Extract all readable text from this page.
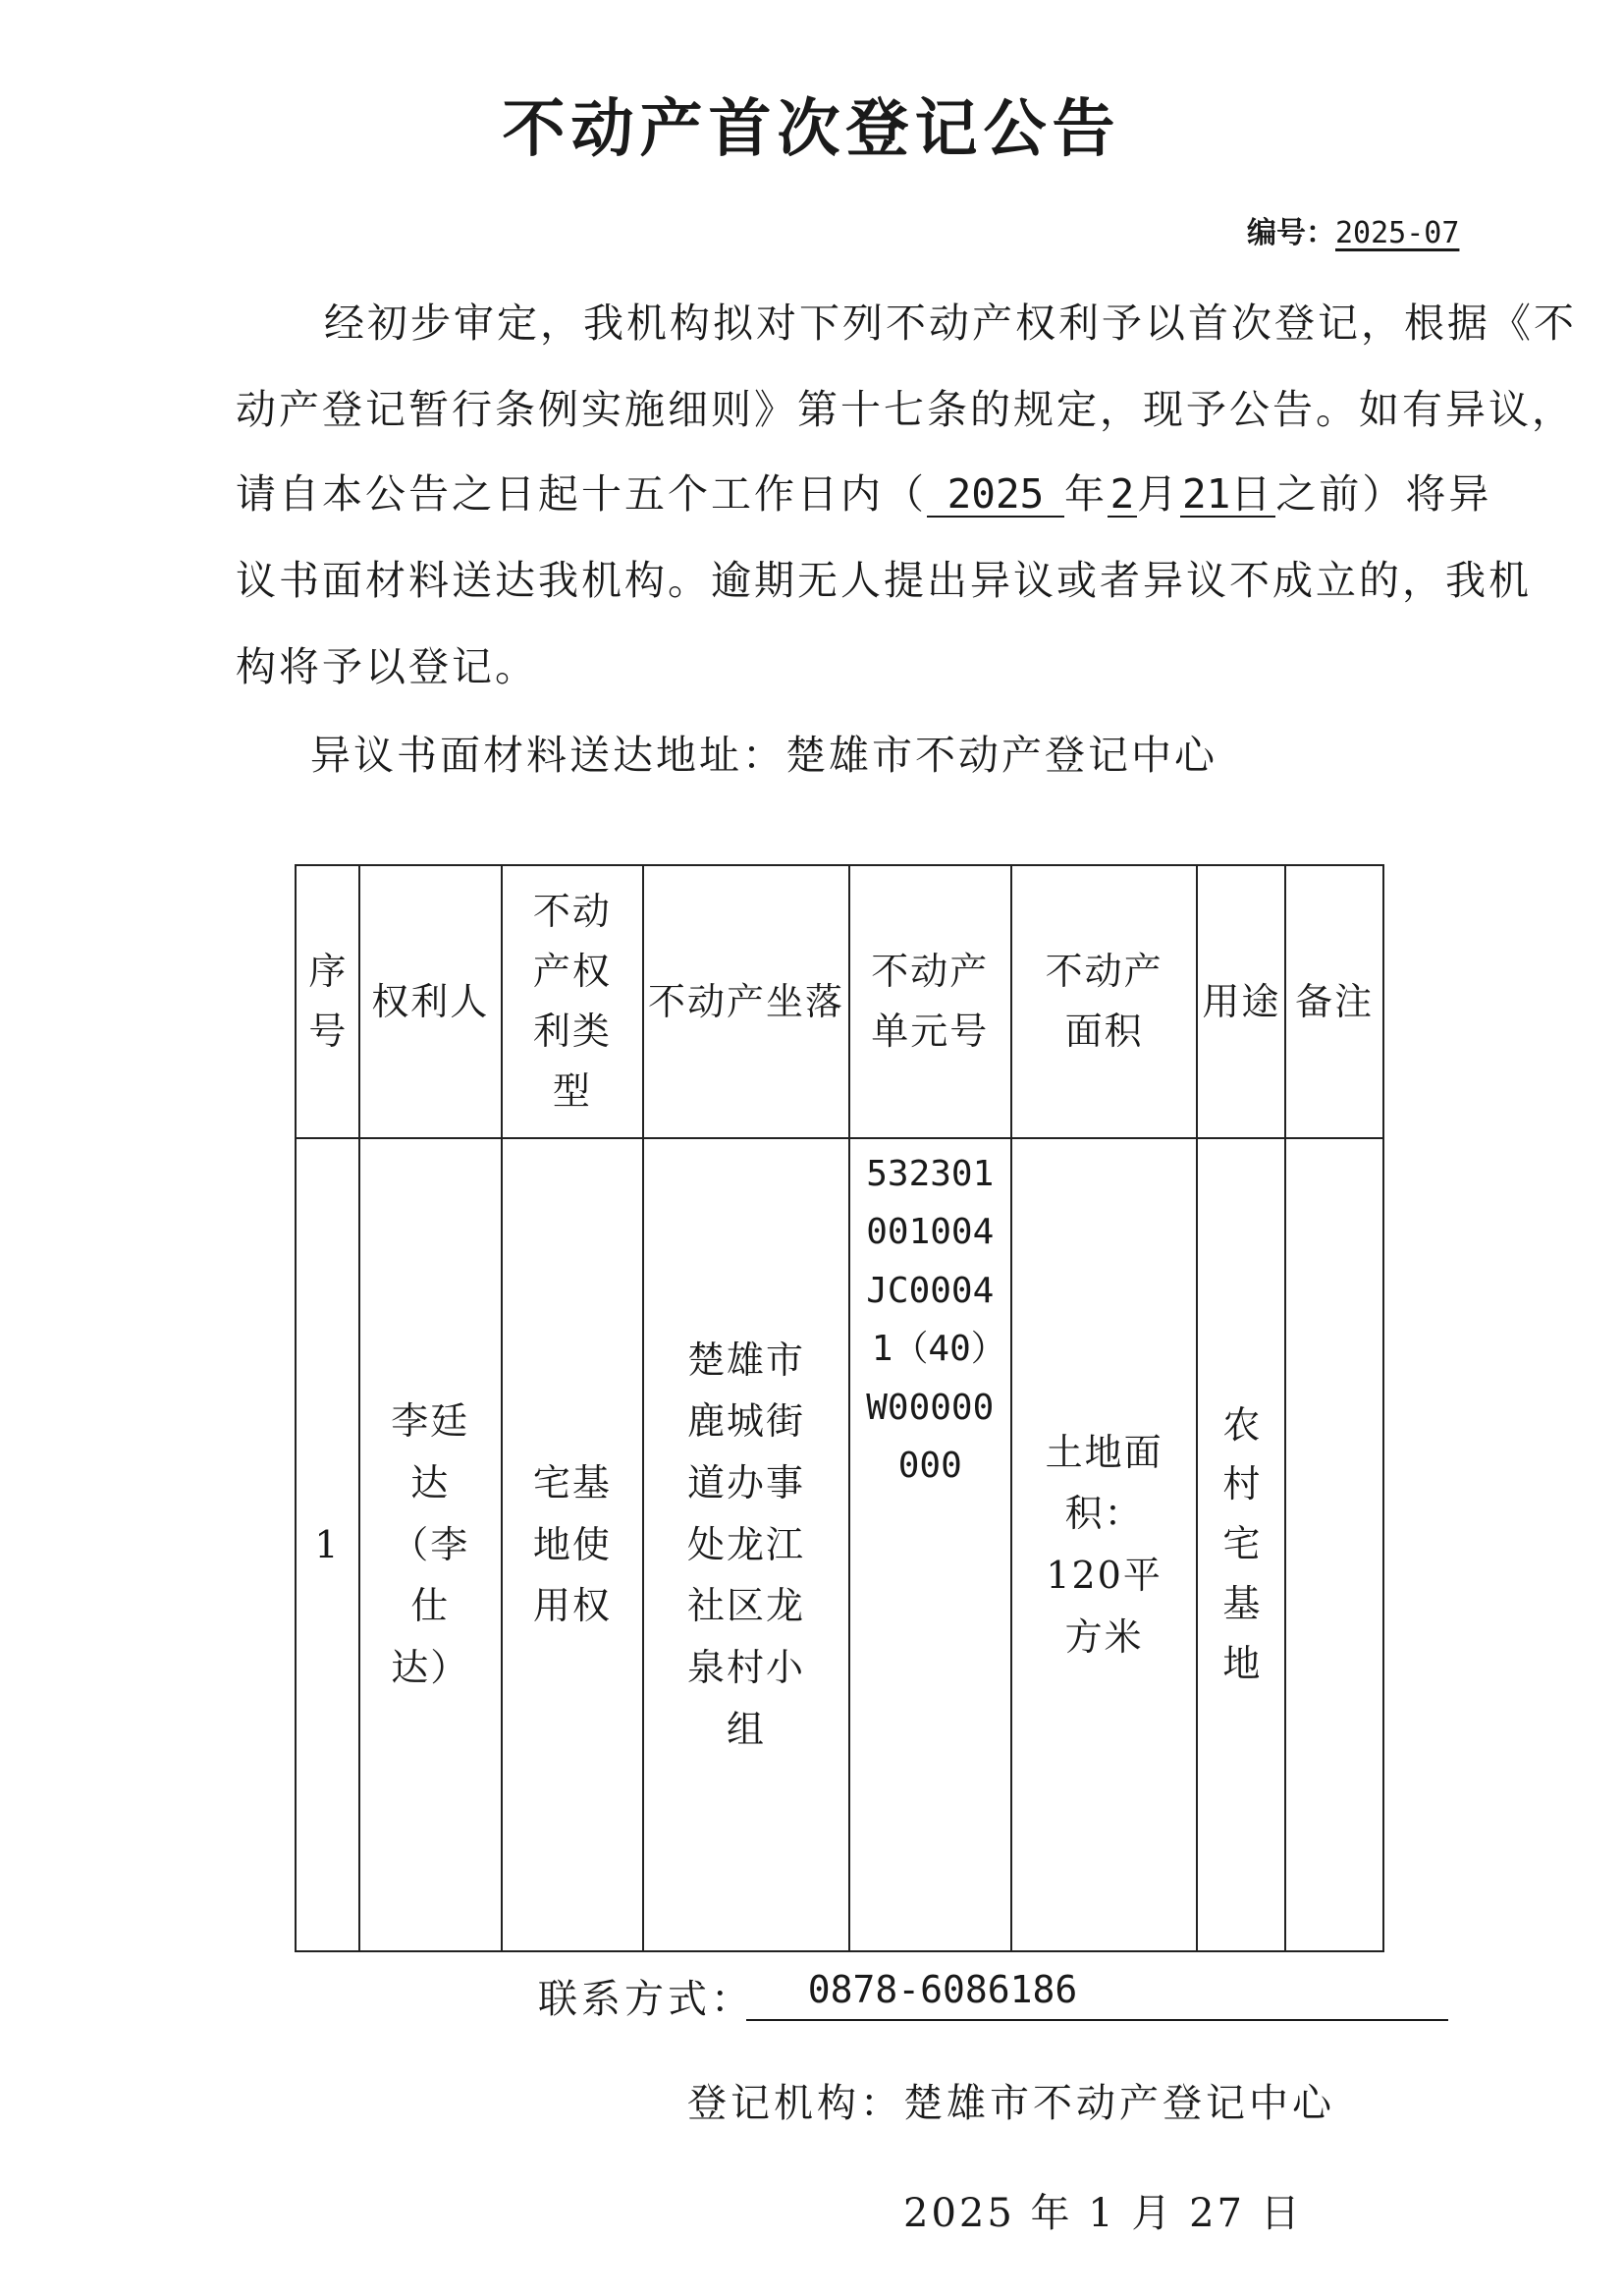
不动产首次登记公告
编号：2025-07
经初步审定，我机构拟对下列不动产权利予以首次登记，根据《不
动产登记暂行条例实施细则》第十七条的规定，现予公告。如有异议，
请自本公告之日起十五个工作日内（ 2025 年2月21日之前）将异
议书面材料送达我机构。逾期无人提出异议或者异议不成立的，我机
构将予以登记。
异议书面材料送达地址：楚雄市不动产登记中心
序号	权利人	不动产权利类型	不动产坐落	不动产单元号	不动产面积	用途	备注
1	李廷达（李仕达）	宅基地使用权	楚雄市鹿城街道办事处龙江社区龙泉村小组	532301001004JC00041（40）W00000000	土地面积：120平方米	农村宅基地	
联系方式：	0878-6086186
登记机构：楚雄市不动产登记中心
2025 年 1 月 27 日
